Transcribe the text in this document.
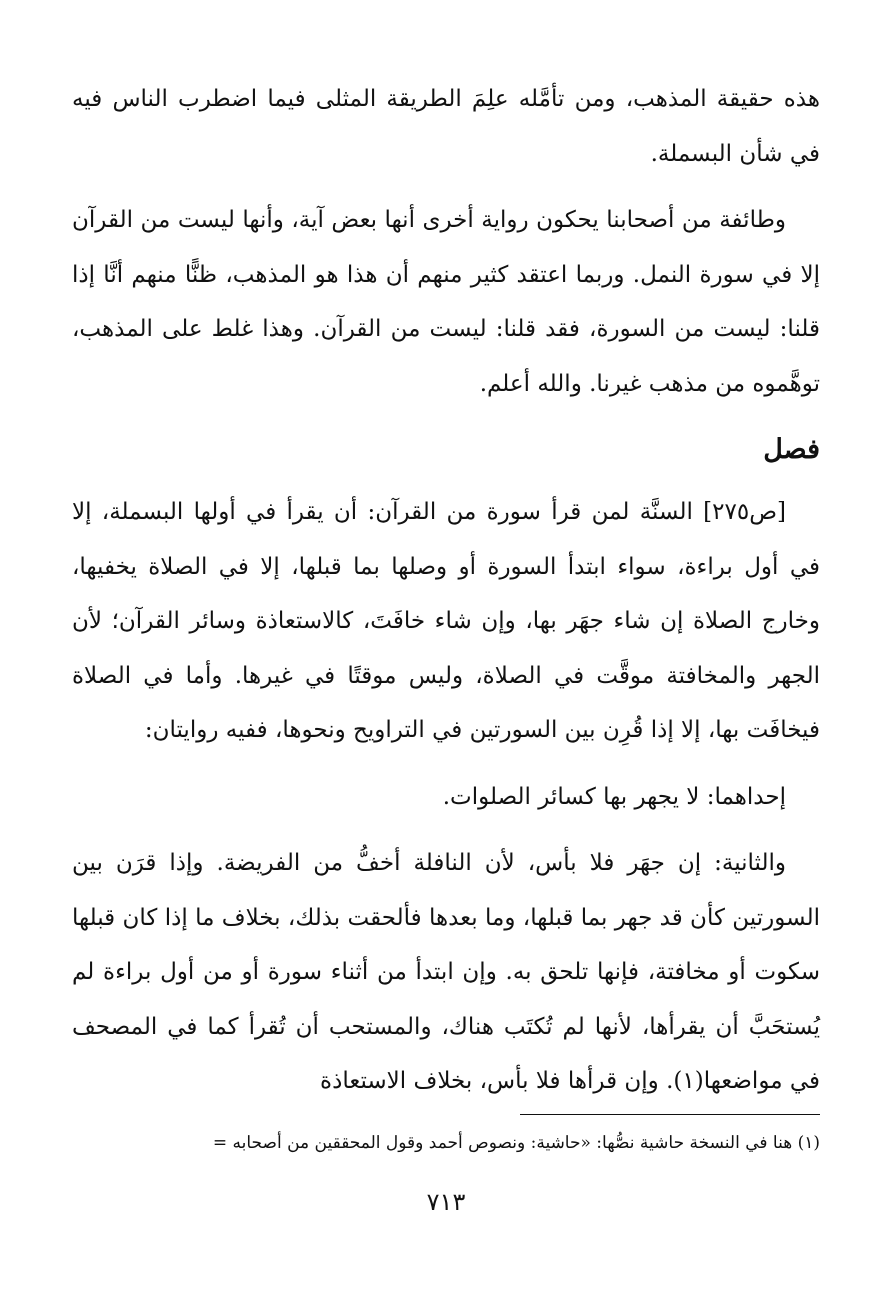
هذه حقيقة المذهب، ومن تأمَّله علِمَ الطريقة المثلى فيما اضطرب الناس فيه في شأن البسملة.

وطائفة من أصحابنا يحكون رواية أخرى أنها بعض آية، وأنها ليست من القرآن إلا في سورة النمل. وربما اعتقد كثير منهم أن هذا هو المذهب، ظنًّا منهم أنَّا إذا قلنا: ليست من السورة، فقد قلنا: ليست من القرآن. وهذا غلط على المذهب، توهَّموه من مذهب غيرنا. والله أعلم.

فصل

[ص٢٧٥] السنَّة لمن قرأ سورة من القرآن: أن يقرأ في أولها البسملة، إلا في أول براءة، سواء ابتدأ السورة أو وصلها بما قبلها، إلا في الصلاة يخفيها، وخارج الصلاة إن شاء جهَر بها، وإن شاء خافَتَ، كالاستعاذة وسائر القرآن؛ لأن الجهر والمخافتة موقَّت في الصلاة، وليس موقتًا في غيرها. وأما في الصلاة فيخافَت بها، إلا إذا قُرِن بين السورتين في التراويح ونحوها، ففيه روايتان:

إحداهما: لا يجهر بها كسائر الصلوات.

والثانية: إن جهَر فلا بأس، لأن النافلة أخفُّ من الفريضة. وإذا قرَن بين السورتين كأن قد جهر بما قبلها، وما بعدها فألحقت بذلك، بخلاف ما إذا كان قبلها سكوت أو مخافتة، فإنها تلحق به. وإن ابتدأ من أثناء سورة أو من أول براءة لم يُستحَبَّ أن يقرأها، لأنها لم تُكتَب هناك، والمستحب أن تُقرأ كما في المصحف في مواضعها(١). وإن قرأها فلا بأس، بخلاف الاستعاذة

(١) هنا في النسخة حاشية نصُّها: «حاشية: ونصوص أحمد وقول المحققين من أصحابه =
٧١٣
